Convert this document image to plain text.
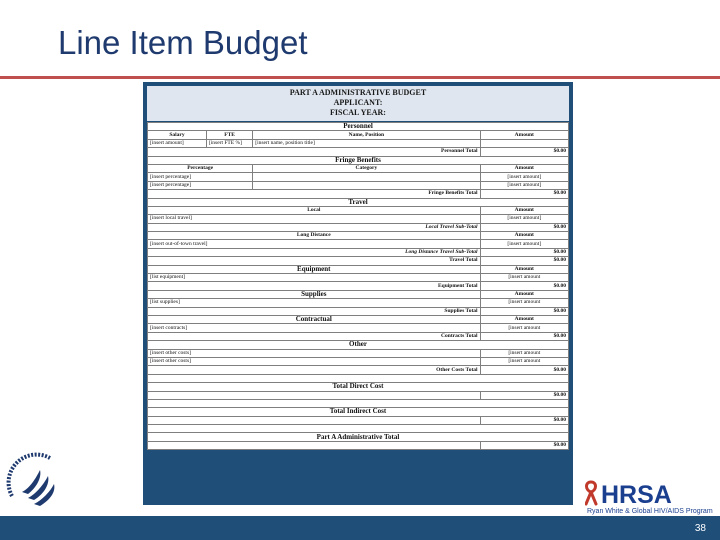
Line Item Budget
PART A ADMINISTRATIVE BUDGET
APPLICANT:
FISCAL YEAR:
Personnel			
Salary	FTE	Name, Position	Amount
[insert amount]	[insert FTE %]	[insert name, position title]	
Personnel Total			$0.00
Fringe Benefits			
Percentage		Category	Amount
[insert percentage]			[insert amount]
[insert percentage]			[insert amount]
Fringe Benefits Total			$0.00
Travel			
Local			Amount
[insert local travel]			[insert amount]
Local Travel Sub-Total			$0.00
Long Distance			Amount
[insert out-of-town travel]			[insert amount]
Long Distance Travel Sub-Total			$0.00
Travel Total			$0.00
Equipment			Amount
[list equipment]			[insert amount
Equipment Total			$0.00
Supplies			Amount
[list supplies]			[insert amount
Supplies Total			$0.00
Contractual			Amount
[insert contracts]			[insert amount
Contracts Total			$0.00
Other			
[insert other costs]			[insert amount
[insert other costs]			[insert amount
Other Costs Total			$0.00

Total Direct Cost			
			$0.00

Total Indirect Cost			
			$0.00

Part A Administrative Total			
			$0.00
HRSA
Ryan White & Global HIV/AIDS Program
38
